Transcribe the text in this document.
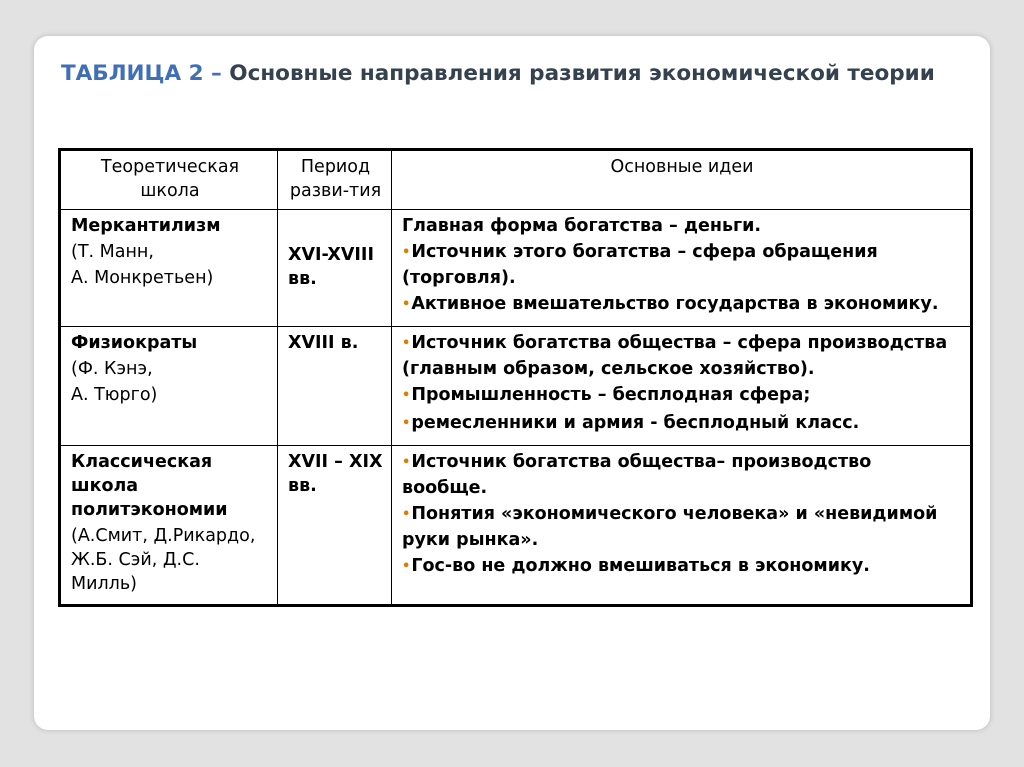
ТАБЛИЦА 2 – Основные направления развития экономической теории
Теоретическая школа	Период разви-тия	Основные идеи

Меркантилизм
(Т. Манн,
А. Монкретьен)	XVI-XVIII вв.	Главная форма богатства – деньги.
•Источник этого богатства – сфера обращения (торговля).
•Активное вмешательство государства в экономику.

Физиократы
(Ф. Кэнэ,
А. Тюрго)	XVIII в.	•Источник богатства общества – сфера производства (главным образом, сельское хозяйство).
•Промышленность – бесплодная сфера;
•ремесленники и армия - бесплодный класс.

Классическая школа политэкономии
(А.Смит, Д.Рикардо, Ж.Б. Сэй, Д.С. Милль)	XVII – XIX вв.	•Источник богатства общества– производство вообще.
•Понятия «экономического человека» и «невидимой руки рынка».
•Гос-во не должно вмешиваться в экономику.
